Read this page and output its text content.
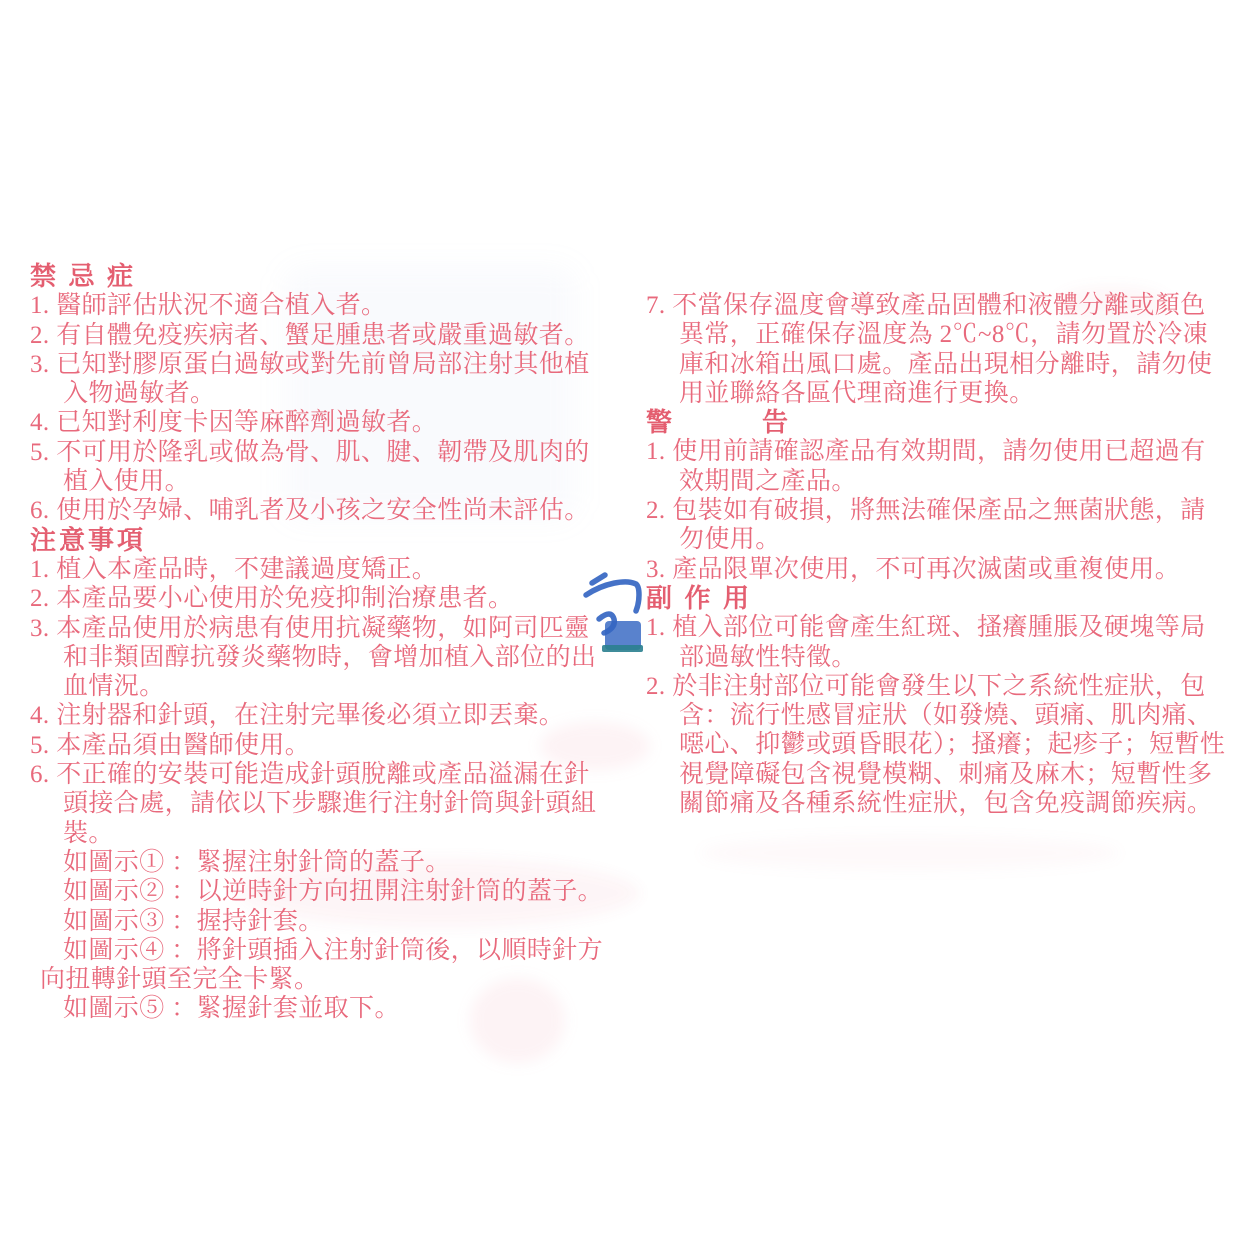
禁 忌 症
1. 醫師評估狀況不適合植入者。
2. 有自體免疫疾病者、蟹足腫患者或嚴重過敏者。
3. 已知對膠原蛋白過敏或對先前曾局部注射其他植
入物過敏者。
4. 已知對利度卡因等麻醉劑過敏者。
5. 不可用於隆乳或做為骨、肌、腱、韌帶及肌肉的
植入使用。
6. 使用於孕婦、哺乳者及小孩之安全性尚未評估。
注意事項
1. 植入本產品時，不建議過度矯正。
2. 本產品要小心使用於免疫抑制治療患者。
3. 本產品使用於病患有使用抗凝藥物，如阿司匹靈
和非類固醇抗發炎藥物時，會增加植入部位的出
血情況。
4. 注射器和針頭，在注射完畢後必須立即丟棄。
5. 本產品須由醫師使用。
6. 不正確的安裝可能造成針頭脫離或產品溢漏在針
頭接合處，請依以下步驟進行注射針筒與針頭組
裝。
如圖示① ：緊握注射針筒的蓋子。
如圖示② ：以逆時針方向扭開注射針筒的蓋子。
如圖示③ ：握持針套。
如圖示④ ：將針頭插入注射針筒後，以順時針方
向扭轉針頭至完全卡緊。
如圖示⑤ ：緊握針套並取下。
7. 不當保存溫度會導致產品固體和液體分離或顏色
異常，正確保存溫度為 2℃~8℃，請勿置於冷凍
庫和冰箱出風口處。產品出現相分離時，請勿使
用並聯絡各區代理商進行更換。
警　　　告
1. 使用前請確認產品有效期間，請勿使用已超過有
效期間之產品。
2. 包裝如有破損，將無法確保產品之無菌狀態，請
勿使用。
3. 產品限單次使用，不可再次滅菌或重複使用。
副 作 用
1. 植入部位可能會產生紅斑、搔癢腫脹及硬塊等局
部過敏性特徵。
2. 於非注射部位可能會發生以下之系統性症狀，包
含：流行性感冒症狀（如發燒、頭痛、肌肉痛、
噁心、抑鬱或頭昏眼花）；搔癢；起疹子；短暫性
視覺障礙包含視覺模糊、刺痛及麻木；短暫性多
關節痛及各種系統性症狀，包含免疫調節疾病。
